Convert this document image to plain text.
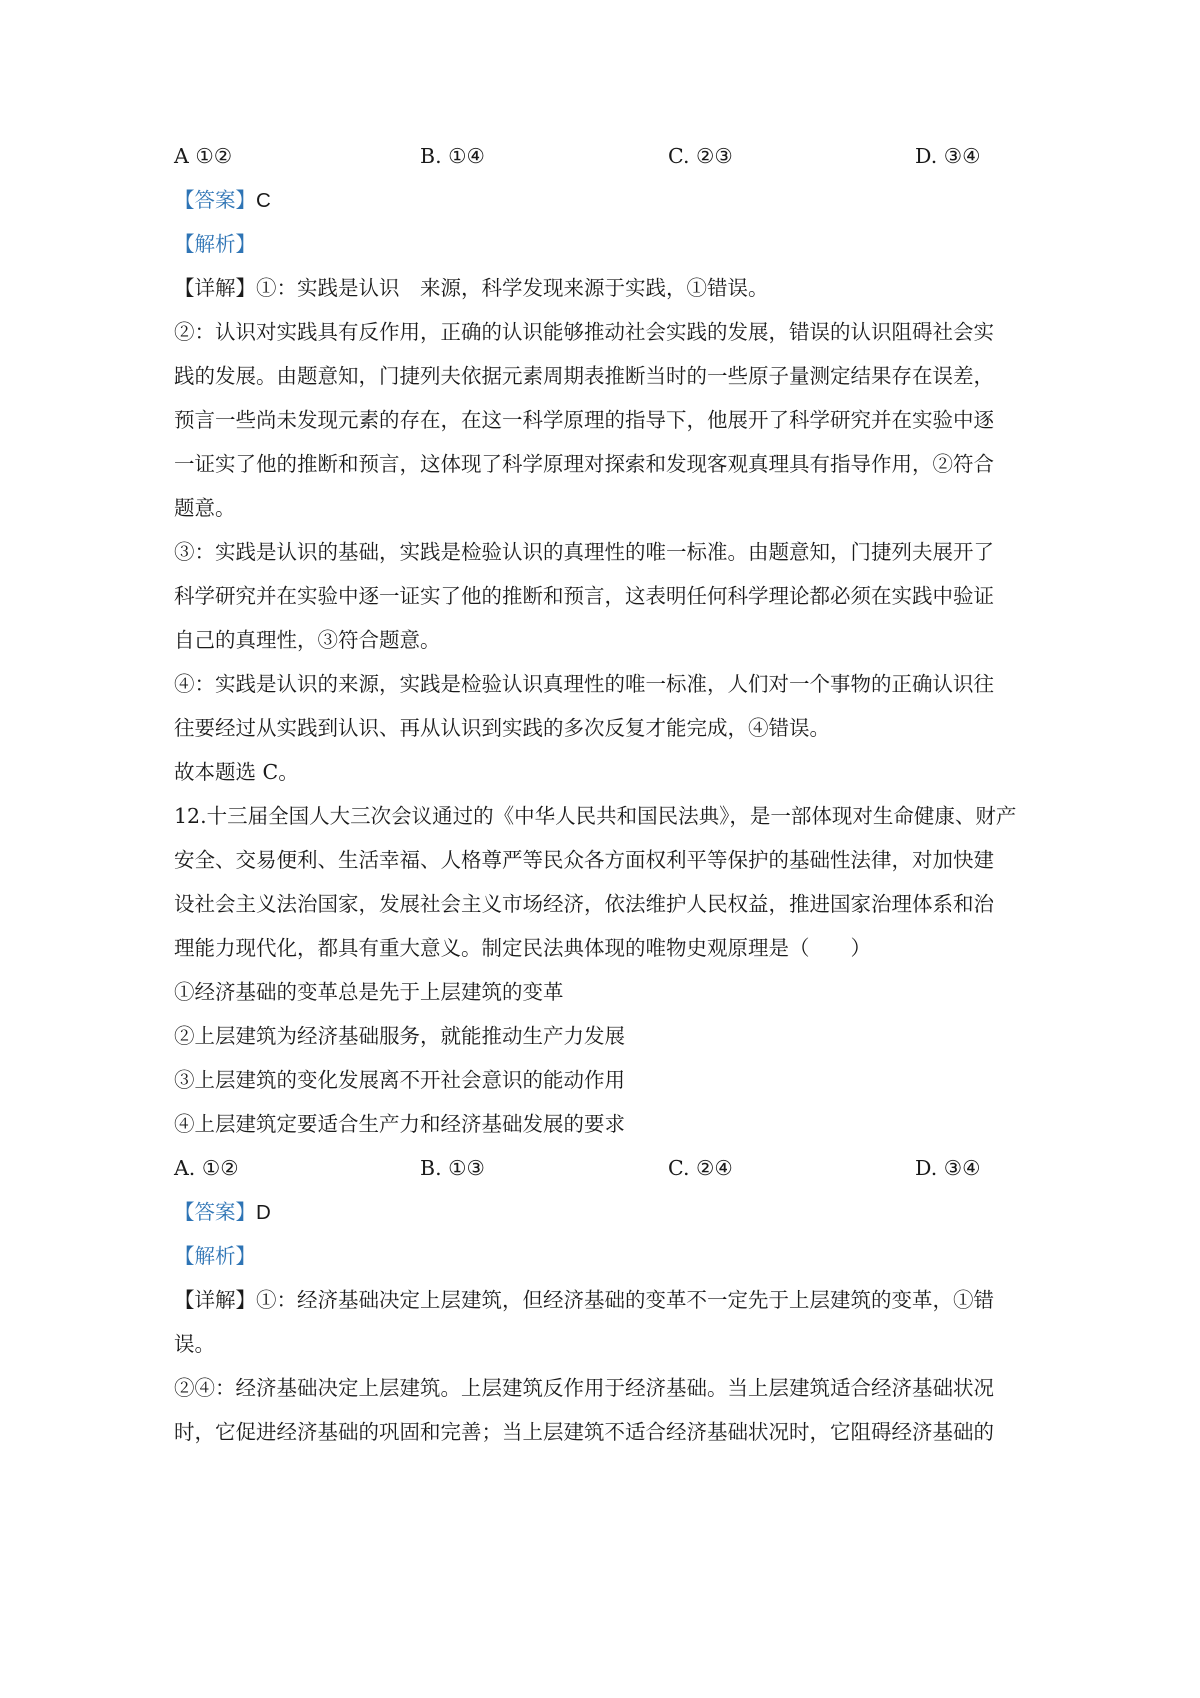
A ①②	B. ①④	C. ②③	D. ③④
【答案】C
【解析】
【详解】①：实践是认识　来源，科学发现来源于实践，①错误。
②：认识对实践具有反作用，正确的认识能够推动社会实践的发展，错误的认识阻碍社会实
践的发展。由题意知，门捷列夫依据元素周期表推断当时的一些原子量测定结果存在误差，
预言一些尚未发现元素的存在，在这一科学原理的指导下，他展开了科学研究并在实验中逐
一证实了他的推断和预言，这体现了科学原理对探索和发现客观真理具有指导作用，②符合
题意。
③：实践是认识的基础，实践是检验认识的真理性的唯一标准。由题意知，门捷列夫展开了
科学研究并在实验中逐一证实了他的推断和预言，这表明任何科学理论都必须在实践中验证
自己的真理性，③符合题意。
④：实践是认识的来源，实践是检验认识真理性的唯一标准，人们对一个事物的正确认识往
往要经过从实践到认识、再从认识到实践的多次反复才能完成，④错误。
故本题选 C。
12.十三届全国人大三次会议通过的《中华人民共和国民法典》，是一部体现对生命健康、财产
安全、交易便利、生活幸福、人格尊严等民众各方面权利平等保护的基础性法律，对加快建
设社会主义法治国家，发展社会主义市场经济，依法维护人民权益，推进国家治理体系和治
理能力现代化，都具有重大意义。制定民法典体现的唯物史观原理是（　　）
①经济基础的变革总是先于上层建筑的变革
②上层建筑为经济基础服务，就能推动生产力发展
③上层建筑的变化发展离不开社会意识的能动作用
④上层建筑定要适合生产力和经济基础发展的要求
A. ①②	B. ①③	C. ②④	D. ③④
【答案】D
【解析】
【详解】①：经济基础决定上层建筑，但经济基础的变革不一定先于上层建筑的变革，①错
误。
②④：经济基础决定上层建筑。上层建筑反作用于经济基础。当上层建筑适合经济基础状况
时，它促进经济基础的巩固和完善；当上层建筑不适合经济基础状况时，它阻碍经济基础的
